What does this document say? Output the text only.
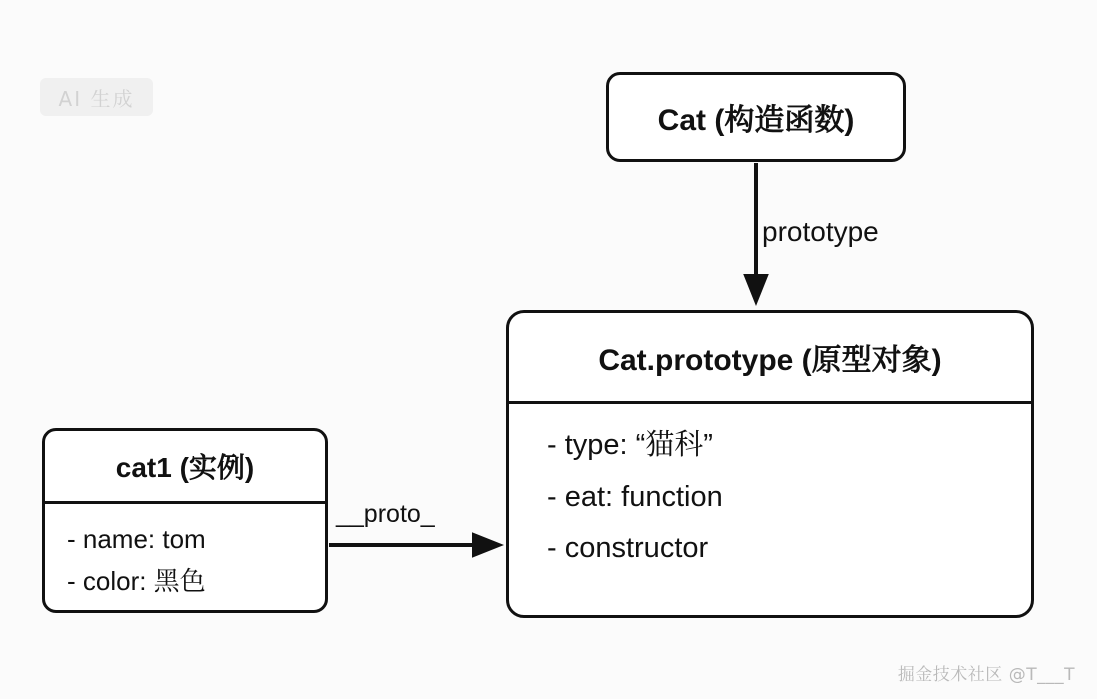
AI 生成
prototype
__proto_
Cat (构造函数)
Cat.prototype (原型对象)
- type: “猫科”
- eat: function
- constructor
cat1 (实例)
- name: tom
- color: 黑色
掘金技术社区 @T___T
